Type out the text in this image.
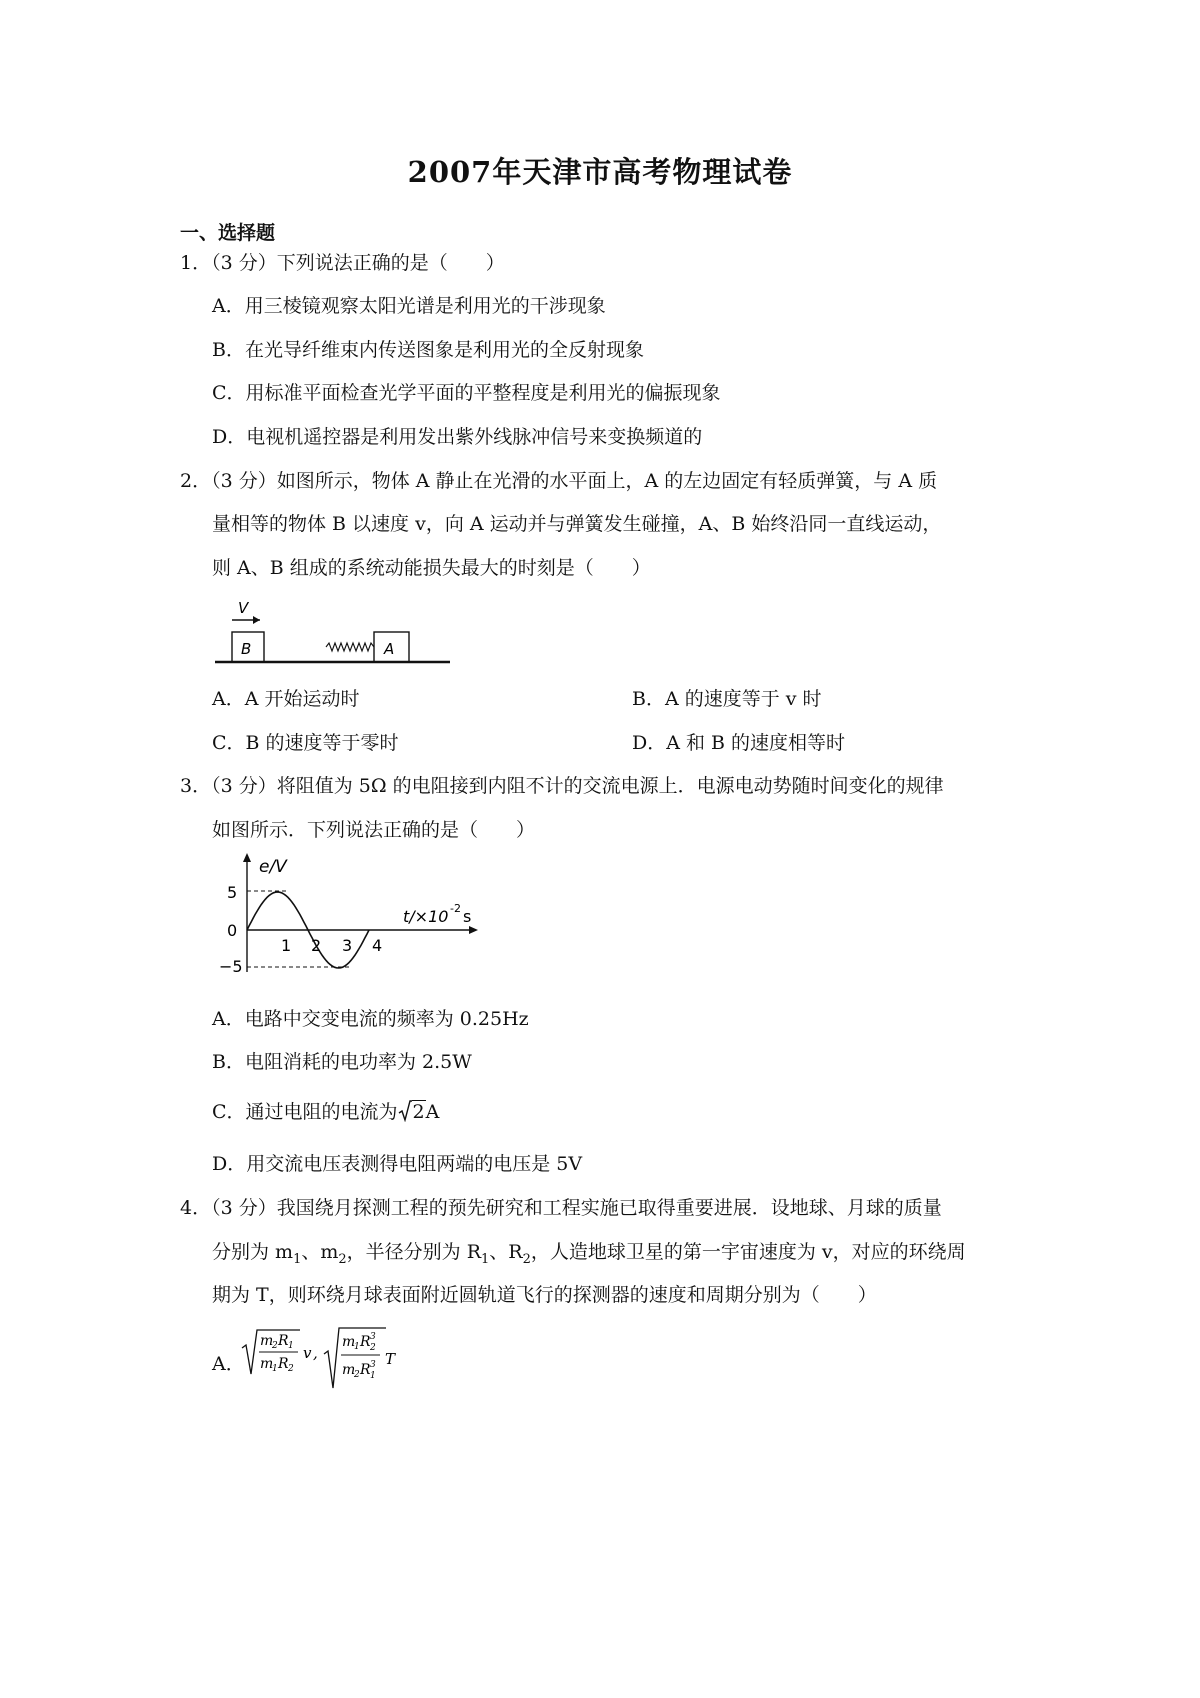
2007年天津市高考物理试卷
一、选择题
1．（3 分）下列说法正确的是（　　）
A．用三棱镜观察太阳光谱是利用光的干涉现象
B．在光导纤维束内传送图象是利用光的全反射现象
C．用标准平面检查光学平面的平整程度是利用光的偏振现象
D．电视机遥控器是利用发出紫外线脉冲信号来变换频道的
2．（3 分）如图所示，物体 A 静止在光滑的水平面上，A 的左边固定有轻质弹簧，与 A 质
量相等的物体 B 以速度 v，向 A 运动并与弹簧发生碰撞，A、B 始终沿同一直线运动，
则 A、B 组成的系统动能损失最大的时刻是（　　）
V
B	A
A．A 开始运动时	B．A 的速度等于 v 时
C．B 的速度等于零时	D．A 和 B 的速度相等时
3．（3 分）将阻值为 5Ω 的电阻接到内阻不计的交流电源上．电源电动势随时间变化的规律
如图所示．下列说法正确的是（　　）
e/V
t/×10 -2 s
5
0
−5
1 2 3 4
A．电路中交变电流的频率为 0.25Hz
B．电阻消耗的电功率为 2.5W
C．通过电阻的电流为 2A
D．用交流电压表测得电阻两端的电压是 5V
4．（3 分）我国绕月探测工程的预先研究和工程实施已取得重要进展．设地球、月球的质量
分别为 $m_1$、$m_2$，半径分别为 $R_1$、$R_2$，人造地球卫星的第一宇宙速度为 v，对应的环绕周
期为 T，则环绕月球表面附近圆轨道飞行的探测器的速度和周期分别为（　　）
A．
m
2 R 1
m
1 R 2
v ,
m
1 R 3
2
m
2 R 3
1
T
